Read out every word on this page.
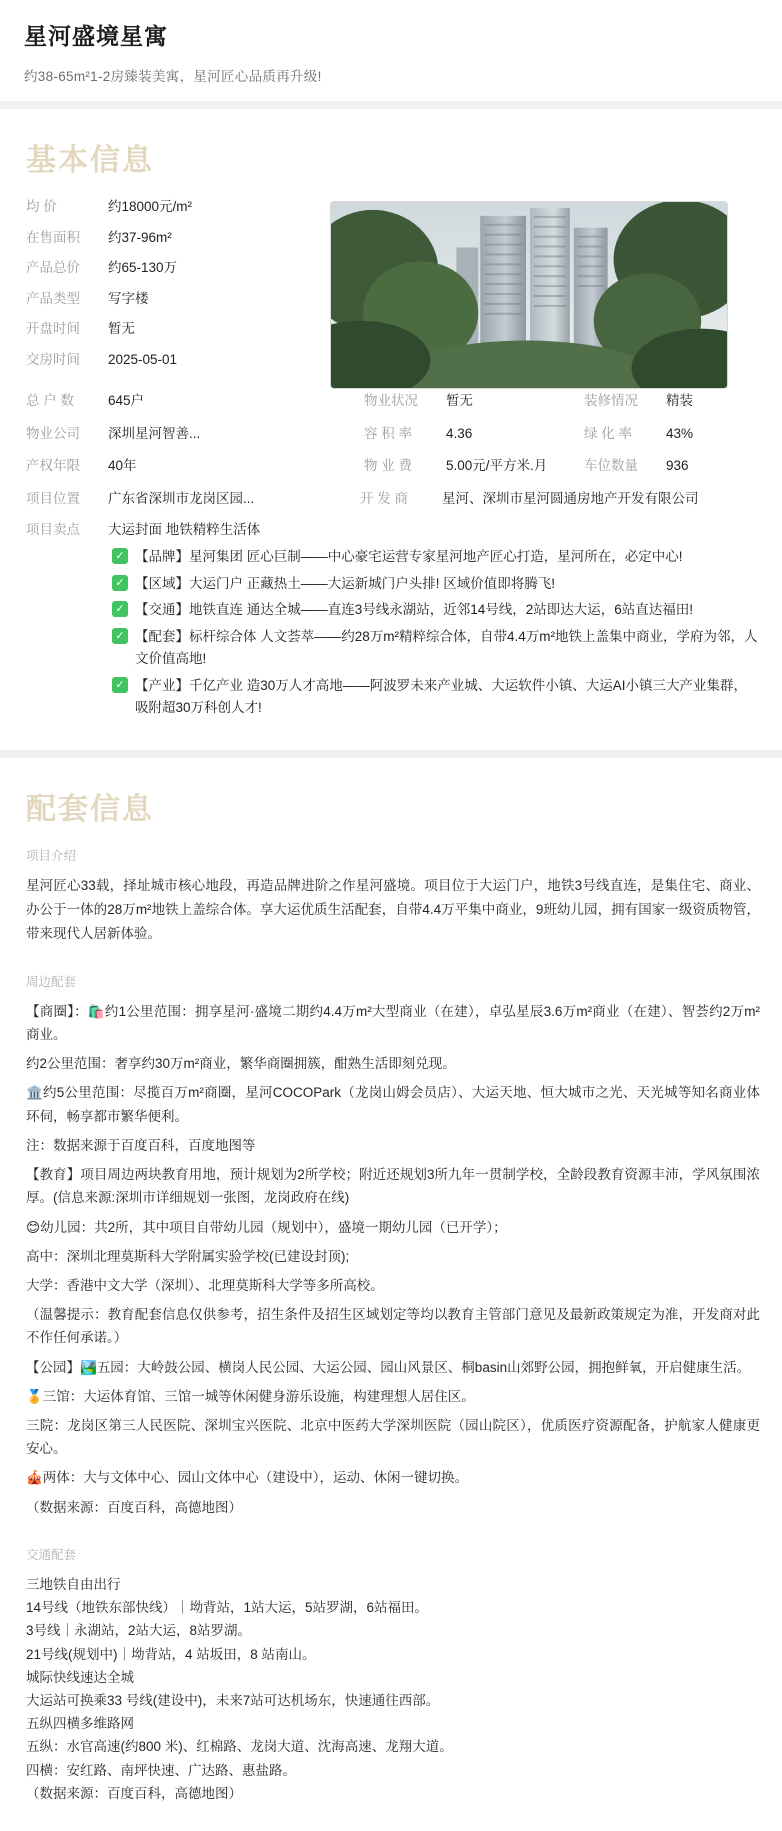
星河盛境星寓
约38-65m²1-2房臻装美寓，星河匠心品质再升级!
基本信息
均 价	约18000元/m²
在售面积	约37-96m²
产品总价	约65-130万
产品类型	写字楼
开盘时间	暂无
交房时间	2025-05-01
总 户 数	645户	物业状况	暂无	装修情况	精装
物业公司	深圳星河智善...	容 积 率	4.36	绿 化 率	43%
产权年限	40年	物 业 费	5.00元/平方米.月	车位数量	936
项目位置	广东省深圳市龙岗区园...	开 发 商	星河、深圳市星河圆通房地产开发有限公司
项目卖点	大运封面 地铁精粹生活体
✓ 【品牌】星河集团 匠心巨制——中心豪宅运营专家星河地产匠心打造，星河所在，必定中心!
✓ 【区域】大运门户 正藏热土——大运新城门户头排! 区域价值即将腾飞!
✓ 【交通】地铁直连 通达全城——直连3号线永湖站，近邻14号线，2站即达大运，6站直达福田!
✓ 【配套】标杆综合体 人文荟萃——约28万m²精粹综合体，自带4.4万m²地铁上盖集中商业，学府为邻，人文价值高地!
✓ 【产业】千亿产业 造30万人才高地——阿波罗未来产业城、大运软件小镇、大运AI小镇三大产业集群，吸附超30万科创人才!
配套信息
项目介绍

星河匠心33载，择址城市核心地段，再造品牌进阶之作星河盛境。项目位于大运门户，地铁3号线直连，是集住宅、商业、办公于一体的28万m²地铁上盖综合体。享大运优质生活配套，自带4.4万平集中商业，9班幼儿园，拥有国家一级资质物管，带来现代人居新体验。

周边配套

【商圈】：🛍️约1公里范围：拥享星河·盛境二期约4.4万m²大型商业（在建），卓弘星辰3.6万m²商业（在建）、智荟约2万m²商业。

约2公里范围：奢享约30万m²商业，繁华商圈拥簇，酣熟生活即刻兑现。

🏛️约5公里范围：尽揽百万m²商圈，星河COCOPark（龙岗山姆会员店）、大运天地、恒大城市之光、天光城等知名商业体环伺，畅享都市繁华便利。

注：数据来源于百度百科，百度地图等

【教育】项目周边两块教育用地，预计规划为2所学校；附近还规划3所九年一贯制学校，全龄段教育资源丰沛，学风氛围浓厚。(信息来源:深圳市详细规划一张图，龙岗政府在线)

😊幼儿园：共2所，其中项目自带幼儿园（规划中），盛境一期幼儿园（已开学）；

高中：深圳北理莫斯科大学附属实验学校(已建设封顶);

大学：香港中文大学（深圳）、北理莫斯科大学等多所高校。

（温馨提示：教育配套信息仅供参考，招生条件及招生区域划定等均以教育主管部门意见及最新政策规定为准，开发商对此不作任何承诺。）

【公园】🏞️五园：大岭鼓公园、横岗人民公园、大运公园、园山风景区、桐basin山郊野公园，拥抱鲜氧，开启健康生活。

🏅三馆：大运体育馆、三馆一城等休闲健身游乐设施，构建理想人居住区。

三院：龙岗区第三人民医院、深圳宝兴医院、北京中医药大学深圳医院（园山院区），优质医疗资源配备，护航家人健康更安心。

🎪两体：大与文体中心、园山文体中心（建设中），运动、休闲一键切换。

（数据来源：百度百科，高德地图）

交通配套

三地铁自由出行

14号线（地铁东部快线）｜坳背站，1站大运，5站罗湖，6站福田。

3号线｜永湖站，2站大运，8站罗湖。

21号线(规划中)｜坳背站，4 站坂田，8 站南山。

城际快线速达全城

大运站可换乘33 号线(建设中)，未来7站可达机场东，快速通往西部。

五纵四横多维路网

五纵：水官高速(约800 米)、红棉路、龙岗大道、沈海高速、龙翔大道。

四横：安红路、南坪快速、广达路、惠盐路。

（数据来源：百度百科，高德地图）
